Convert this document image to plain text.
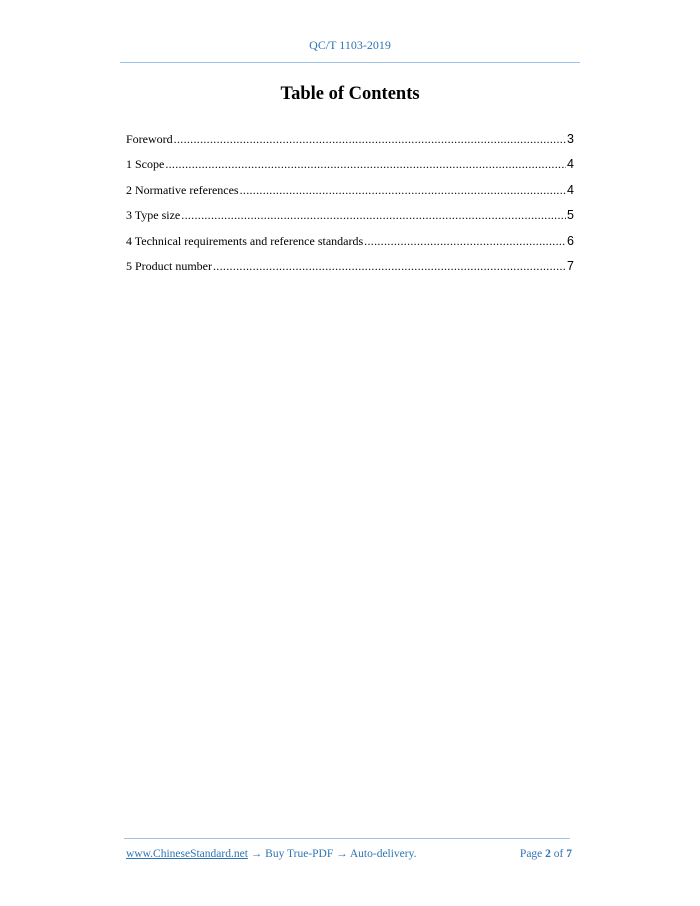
QC/T 1103-2019
Table of Contents
Foreword .....	3
1 Scope .....	4
2 Normative references .....	4
3 Type size .....	5
4 Technical requirements and reference standards .....	6
5 Product number .....	7
www.ChineseStandard.net → Buy True-PDF → Auto-delivery.	Page 2 of 7
